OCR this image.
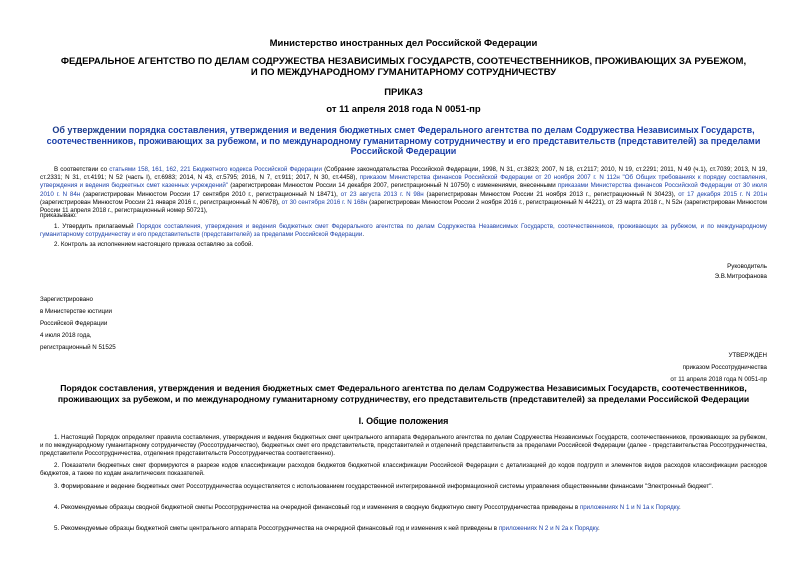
Министерство иностранных дел Российской Федерации
ФЕДЕРАЛЬНОЕ АГЕНТСТВО ПО ДЕЛАМ СОДРУЖЕСТВА НЕЗАВИСИМЫХ ГОСУДАРСТВ, СООТЕЧЕСТВЕННИКОВ, ПРОЖИВАЮЩИХ ЗА РУБЕЖОМ, И ПО МЕЖДУНАРОДНОМУ ГУМАНИТАРНОМУ СОТРУДНИЧЕСТВУ
ПРИКАЗ
от 11 апреля 2018 года N 0051-пр
Об утверждении порядка составления, утверждения и ведения бюджетных смет Федерального агентства по делам Содружества Независимых Государств, соотечественников, проживающих за рубежом, и по международному гуманитарному сотрудничеству и его представительств (представителей) за пределами Российской Федерации
В соответствии со статьями 158, 161, 162, 221 Бюджетного кодекса Российской Федерации (Собрание законодательства Российской Федерации, 1998, N 31, ст.3823; 2007, N 18, ст.2117; 2010, N 19, ст.2291; 2011, N 49 (ч.1), ст.7039; 2013, N 19, ст.2331; N 31, ст.4191; N 52 (часть I), ст.6983; 2014, N 43, ст.5795; 2016, N 7, ст.911; 2017, N 30, ст.4458), приказом Министерства финансов Российской Федерации от 20 ноября 2007 г. N 112н "Об Общих требованиях к порядку составления, утверждения и ведения бюджетных смет казенных учреждений" (зарегистрирован Минюстом России 14 декабря 2007, регистрационный N 10750) с изменениями, внесенными приказами Министерства финансов Российской Федерации от 30 июля 2010 г. N 84н (зарегистрирован Минюстом России 17 сентября 2010 г., регистрационный N 18471), от 23 августа 2013 г. N 98н (зарегистрирован Минюстом России 21 ноября 2013 г., регистрационный N 30423), от 17 декабря 2015 г. N 201н (зарегистрирован Минюстом России 21 января 2016 г., регистрационный N 40678), от 30 сентября 2016 г. N 168н (зарегистрирован Минюстом России 2 ноября 2016 г., регистрационный N 44221), от 23 марта 2018 г., N 52н (зарегистрирован Минюстом России 11 апреля 2018 г., регистрационный номер 50721),
приказываю:
1. Утвердить прилагаемый Порядок составления, утверждения и ведения бюджетных смет Федерального агентства по делам Содружества Независимых Государств, соотечественников, проживающих за рубежом, и по международному гуманитарному сотрудничеству и его представительств (представителей) за пределами Российской Федерации.
2. Контроль за исполнением настоящего приказа оставляю за собой.
Руководитель
Э.В.Митрофанова
Зарегистрировано
в Министерстве юстиции
Российской Федерации
4 июля 2018 года,
регистрационный N 51525
УТВЕРЖДЕН
приказом Россотрудничества
от 11 апреля 2018 года N 0051-пр
Порядок составления, утверждения и ведения бюджетных смет Федерального агентства по делам Содружества Независимых Государств, соотечественников, проживающих за рубежом, и по международному гуманитарному сотрудничеству, его представительств (представителей) за пределами Российской Федерации
I. Общие положения
1. Настоящий Порядок определяет правила составления, утверждения и ведения бюджетных смет центрального аппарата Федерального агентства по делам Содружества Независимых Государств, соотечественников, проживающих за рубежом, и по международному гуманитарному сотрудничеству (Россотрудничество), бюджетных смет его представительств, представителей и отделений представительств за пределами Российской Федерации (далее - представительства Россотрудничества, представители Россотрудничества, отделения представительств Россотрудничества соответственно).
2. Показатели бюджетных смет формируются в разрезе кодов классификации расходов бюджетов бюджетной классификации Российской Федерации с детализацией до кодов подгрупп и элементов видов расходов классификации расходов бюджетов, а также по кодам аналитических показателей.
3. Формирование и ведение бюджетных смет Россотрудничества осуществляется с использованием государственной интегрированной информационной системы управления общественными финансами "Электронный бюджет".
4. Рекомендуемые образцы сводной бюджетной сметы Россотрудничества на очередной финансовый год и изменения в сводную бюджетную смету Россотрудничества приведены в приложениях N 1 и N 1а к Порядку.
5. Рекомендуемые образцы бюджетной сметы центрального аппарата Россотрудничества на очередной финансовый год и изменения к ней приведены в приложениях N 2 и N 2а к Порядку.
